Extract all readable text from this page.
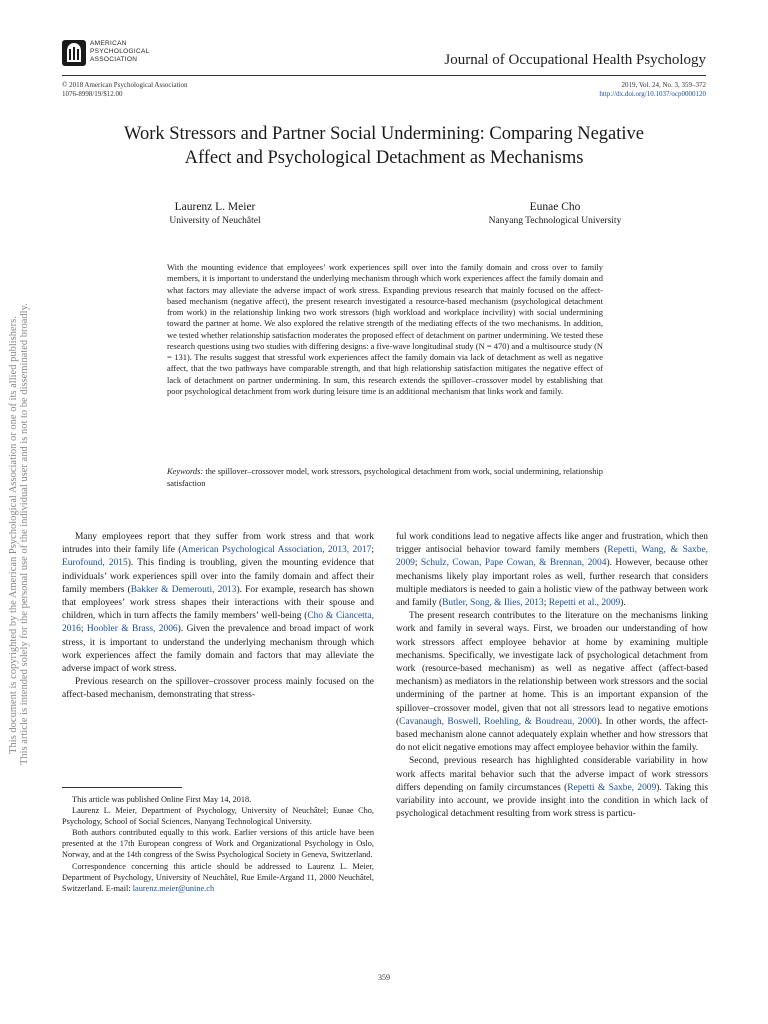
AMERICAN
PSYCHOLOGICAL
ASSOCIATION	Journal of Occupational Health Psychology
© 2018 American Psychological Association
1076-8998/19/$12.00
2019, Vol. 24, No. 3, 359–372
http://dx.doi.org/10.1037/ocp0000120
Work Stressors and Partner Social Undermining: Comparing Negative
Affect and Psychological Detachment as Mechanisms
Laurenz L. Meier
University of Neuchâtel
Eunae Cho
Nanyang Technological University

With the mounting evidence that employees’ work experiences spill over into the family domain and cross over to family members, it is important to understand the underlying mechanism through which work experiences affect the family domain and what factors may alleviate the adverse impact of work stress. Expanding previous research that mainly focused on the affect-based mechanism (negative affect), the present research investigated a resource-based mechanism (psychological detachment from work) in the relationship linking two work stressors (high workload and workplace incivility) with social undermining toward the partner at home. We also explored the relative strength of the mediating effects of the two mechanisms. In addition, we tested whether relationship satisfaction moderates the proposed effect of detachment on partner undermining. We tested these research questions using two studies with differing designs: a five-wave longitudinal study (N = 470) and a multisource study (N = 131). The results suggest that stressful work experiences affect the family domain via lack of detachment as well as negative affect, that the two pathways have comparable strength, and that high relationship satisfaction mitigates the negative effect of lack of detachment on partner undermining. In sum, this research extends the spillover–crossover model by establishing that poor psychological detachment from work during leisure time is an additional mechanism that links work and family.

Keywords: the spillover–crossover model, work stressors, psychological detachment from work, social undermining, relationship satisfaction

Many employees report that they suffer from work stress and that work intrudes into their family life (American Psychological Association, 2013, 2017; Eurofound, 2015). This finding is troubling, given the mounting evidence that individuals’ work experiences spill over into the family domain and affect their family members (Bakker & Demerouti, 2013). For example, research has shown that employees’ work stress shapes their interactions with their spouse and children, which in turn affects the family members’ well-being (Cho & Ciancetta, 2016; Hoobler & Brass, 2006). Given the prevalence and broad impact of work stress, it is important to understand the underlying mechanism through which work experiences affect the family domain and factors that may alleviate the adverse impact of work stress.

Previous research on the spillover–crossover process mainly focused on the affect-based mechanism, demonstrating that stress-

This article was published Online First May 14, 2018.

Laurenz L. Meier, Department of Psychology, University of Neuchâtel; Eunae Cho, Psychology, School of Social Sciences, Nanyang Technological University.

Both authors contributed equally to this work. Earlier versions of this article have been presented at the 17th European congress of Work and Organizational Psychology in Oslo, Norway, and at the 14th congress of the Swiss Psychological Society in Geneva, Switzerland.

Correspondence concerning this article should be addressed to Laurenz L. Meier, Department of Psychology, University of Neuchâtel, Rue Emile-Argand 11, 2000 Neuchâtel, Switzerland. E-mail: laurenz.meier@unine.ch

ful work conditions lead to negative affects like anger and frustration, which then trigger antisocial behavior toward family members (Repetti, Wang, & Saxbe, 2009; Schulz, Cowan, Pape Cowan, & Brennan, 2004). However, because other mechanisms likely play important roles as well, further research that considers multiple mediators is needed to gain a holistic view of the pathway between work and family (Butler, Song, & Ilies, 2013; Repetti et al., 2009).

The present research contributes to the literature on the mechanisms linking work and family in several ways. First, we broaden our understanding of how work stressors affect employee behavior at home by examining multiple mechanisms. Specifically, we investigate lack of psychological detachment from work (resource-based mechanism) as well as negative affect (affect-based mechanism) as mediators in the relationship between work stressors and the social undermining of the partner at home. This is an important expansion of the spillover–crossover model, given that not all stressors lead to negative emotions (Cavanaugh, Boswell, Roehling, & Boudreau, 2000). In other words, the affect-based mechanism alone cannot adequately explain whether and how stressors that do not elicit negative emotions may affect employee behavior within the family.

Second, previous research has highlighted considerable variability in how work affects marital behavior such that the adverse impact of work stressors differs depending on family circumstances (Repetti & Saxbe, 2009). Taking this variability into account, we provide insight into the condition in which lack of psychological detachment resulting from work stress is particu-

359
This document is copyrighted by the American Psychological Association or one of its allied publishers. This article is intended solely for the personal use of the individual user and is not to be disseminated broadly.
